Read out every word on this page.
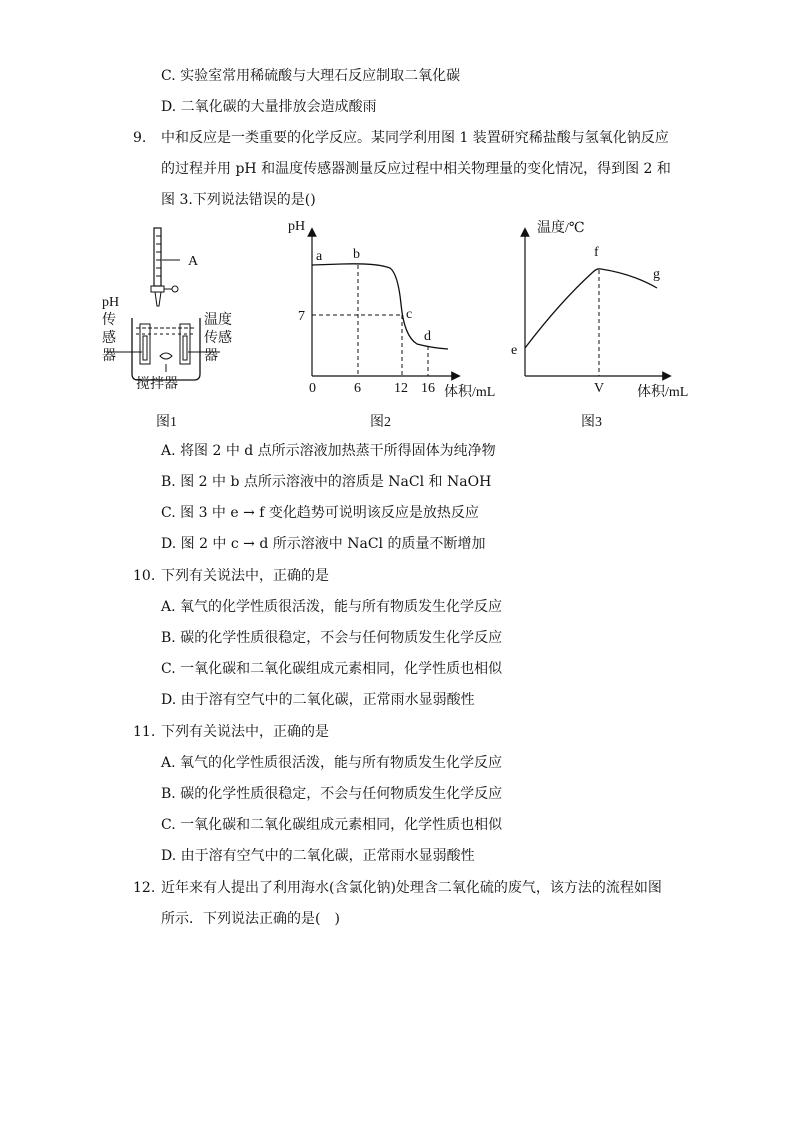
C. 实验室常用稀硫酸与大理石反应制取二氧化碳
D. 二氧化碳的大量排放会造成酸雨
9. 中和反应是一类重要的化学反应。某同学利用图 1 装置研究稀盐酸与氢氧化钠反应
的过程并用 pH 和温度传感器测量反应过程中相关物理量的变化情况，得到图 2 和
图 3.下列说法错误的是()
A
pH
传
感
器
温度
传感
器
搅拌器
图1
pH
体积/mL
7
0	6 12 16
a b
c
d
图2
温度/℃
体积/mL
e
f
g
V
图3
A. 将图 2 中 d 点所示溶液加热蒸干所得固体为纯净物
B. 图 2 中 b 点所示溶液中的溶质是 NaCl 和 NaOH
C. 图 3 中 e → f 变化趋势可说明该反应是放热反应
D. 图 2 中 c → d 所示溶液中 NaCl 的质量不断增加
10. 下列有关说法中，正确的是
A. 氧气的化学性质很活泼，能与所有物质发生化学反应
B. 碳的化学性质很稳定，不会与任何物质发生化学反应
C. 一氧化碳和二氧化碳组成元素相同，化学性质也相似
D. 由于溶有空气中的二氧化碳，正常雨水显弱酸性
11. 下列有关说法中，正确的是
A. 氧气的化学性质很活泼，能与所有物质发生化学反应
B. 碳的化学性质很稳定，不会与任何物质发生化学反应
C. 一氧化碳和二氧化碳组成元素相同，化学性质也相似
D. 由于溶有空气中的二氧化碳，正常雨水显弱酸性
12. 近年来有人提出了利用海水(含氯化钠)处理含二氧化硫的废气，该方法的流程如图
所示．下列说法正确的是(　)
